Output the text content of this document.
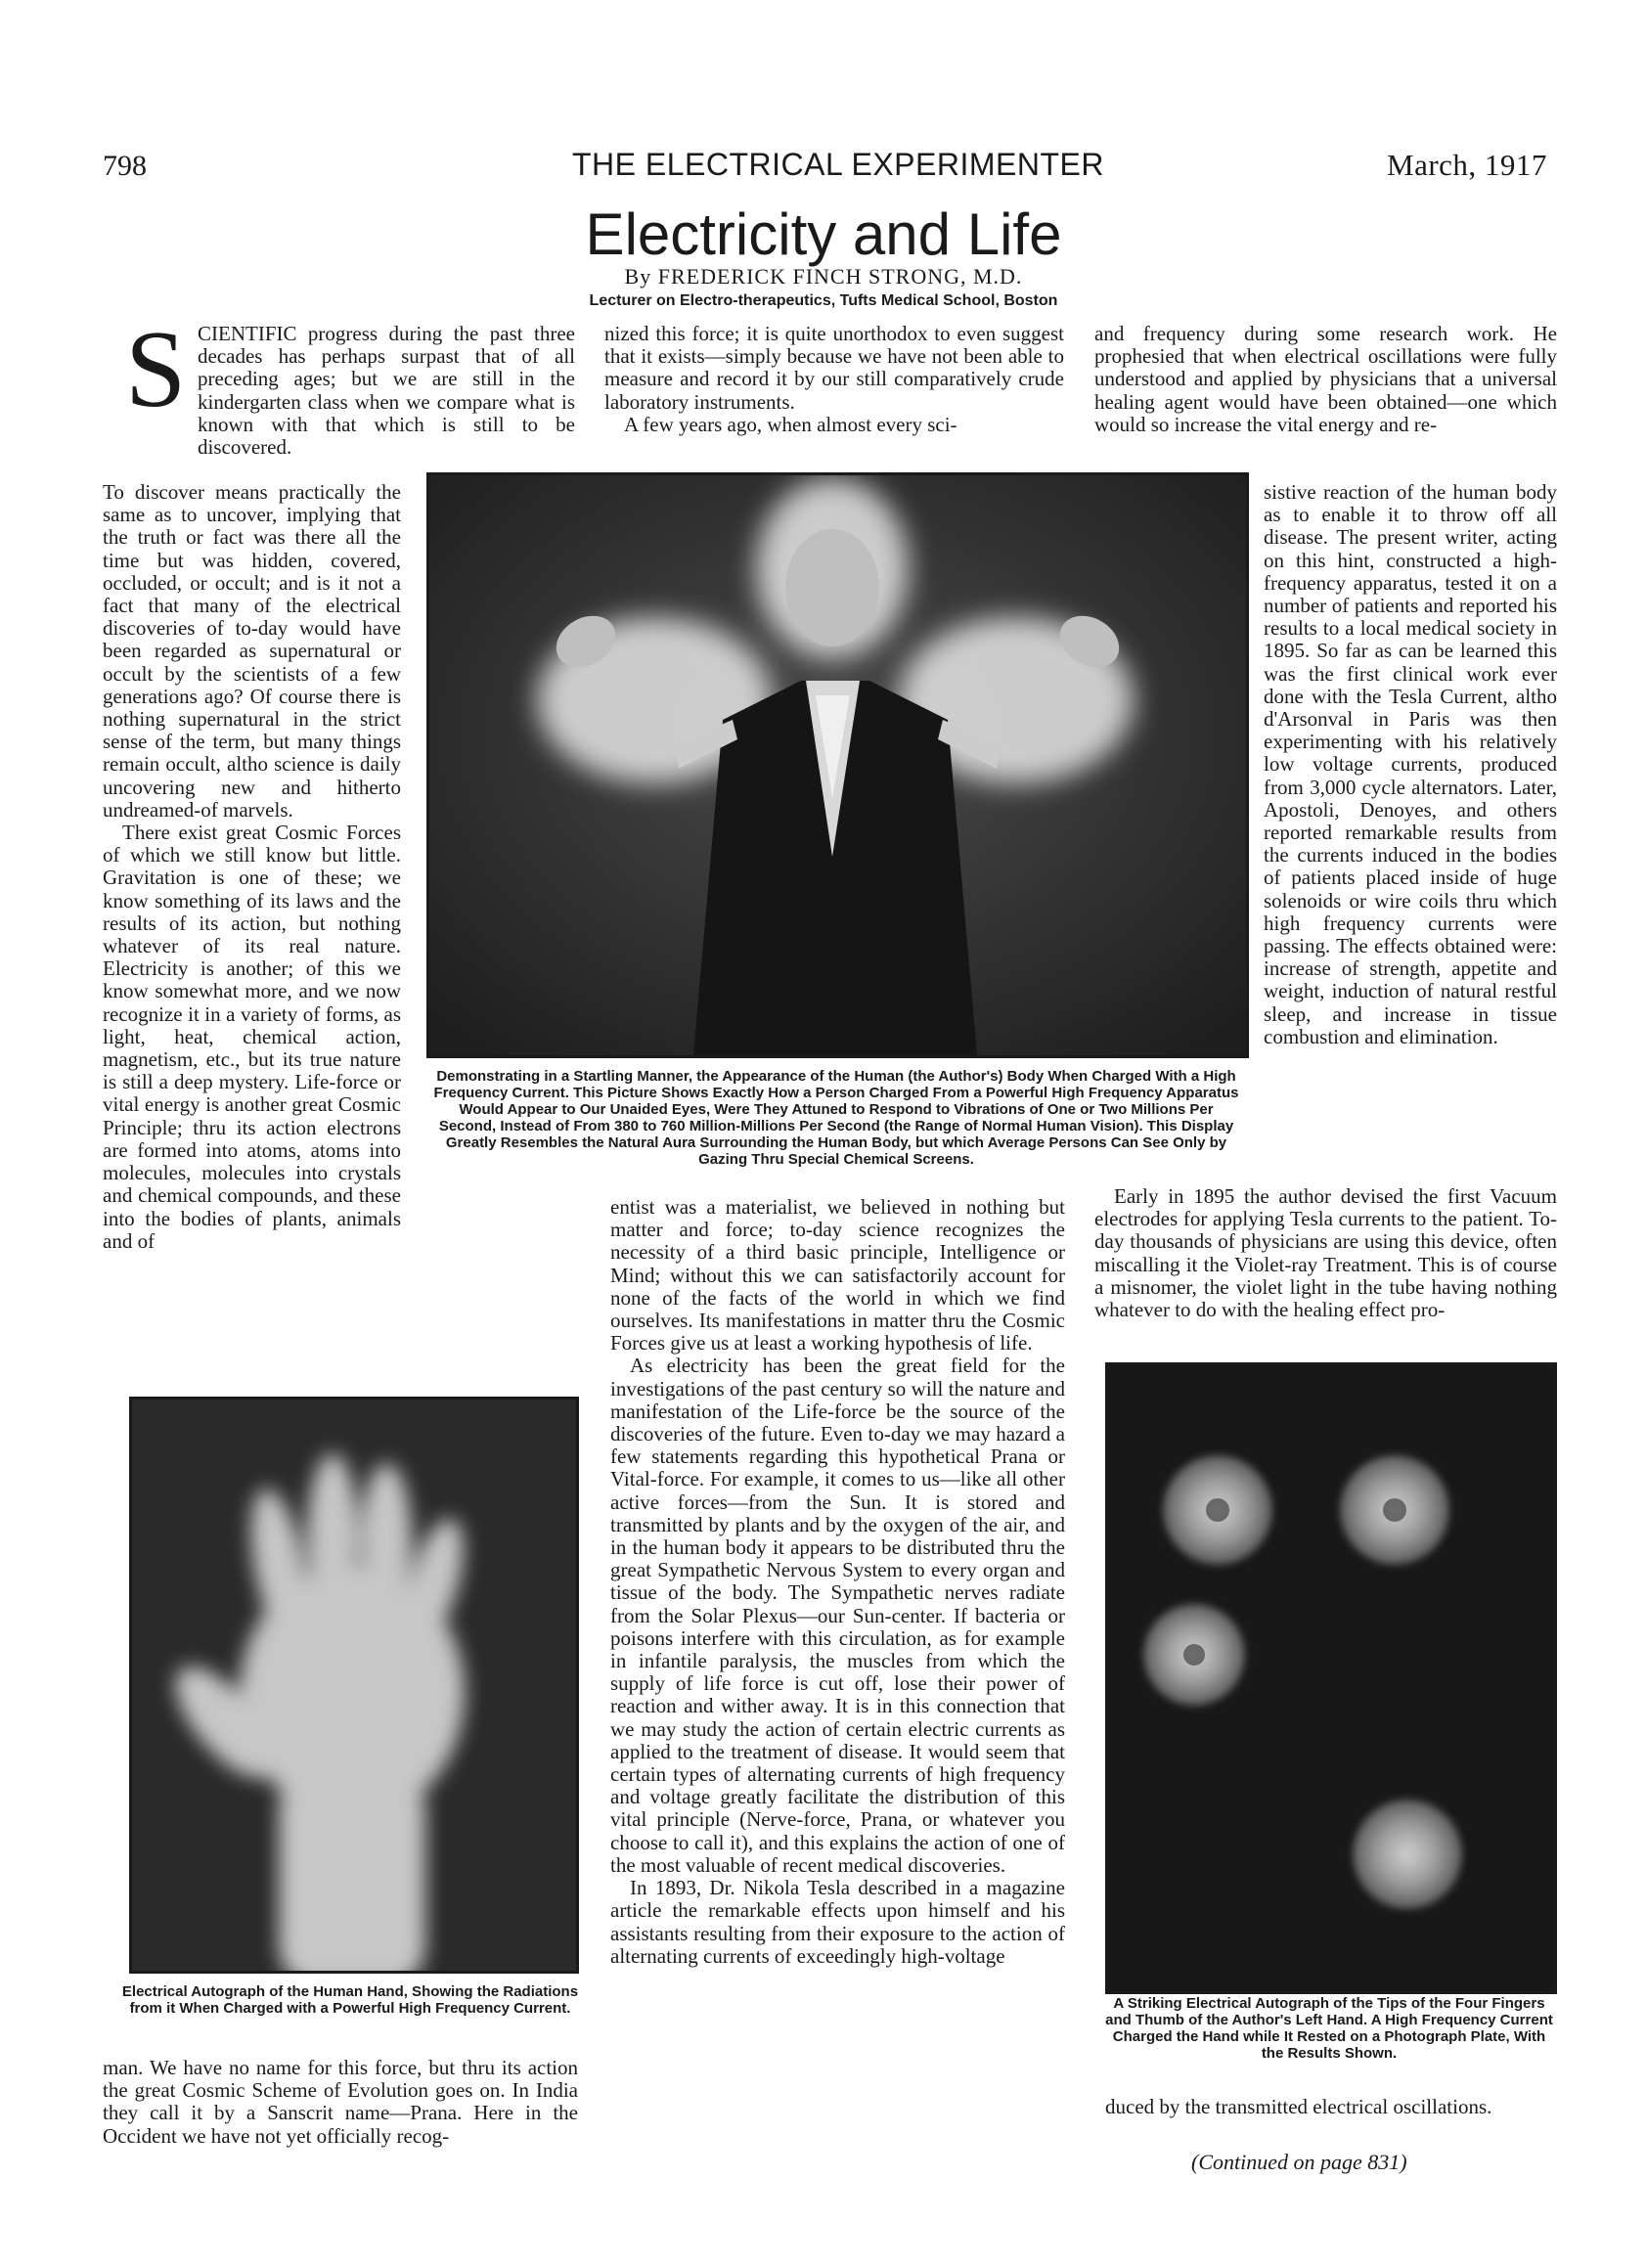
798	THE ELECTRICAL EXPERIMENTER	March, 1917
Electricity and Life
By FREDERICK FINCH STRONG, M.D.
Lecturer on Electro-therapeutics, Tufts Medical School, Boston
S CIENTIFIC progress during the past three decades has perhaps surpast that of all preceding ages; but we are still in the kindergarten class when we compare what is known with that which is still to be discovered.

To discover means practically the same as to uncover, implying that the truth or fact was there all the time but was hidden, covered, occluded, or occult; and is it not a fact that many of the electrical discoveries of to-day would have been regarded as supernatural or occult by the scientists of a few generations ago? Of course there is nothing supernatural in the strict sense of the term, but many things remain occult, altho science is daily uncovering new and hitherto undreamed-of marvels.

There exist great Cosmic Forces of which we still know but little. Gravitation is one of these; we know something of its laws and the results of its action, but nothing whatever of its real nature. Electricity is another; of this we know somewhat more, and we now recognize it in a variety of forms, as light, heat, chemical action, magnetism, etc., but its true nature is still a deep mystery. Life-force or vital energy is another great Cosmic Principle; thru its action electrons are formed into atoms, atoms into molecules, molecules into crystals and chemical compounds, and these into the bodies of plants, animals and of

Electrical Autograph of the Human Hand, Showing the Radiations from it When Charged with a Powerful High Frequency Current.

man. We have no name for this force, but thru its action the great Cosmic Scheme of Evolution goes on. In India they call it by a Sanscrit name—Prana. Here in the Occident we have not yet officially recog-

nized this force; it is quite unorthodox to even suggest that it exists—simply because we have not been able to measure and record it by our still comparatively crude laboratory instruments.

A few years ago, when almost every sci-

Demonstrating in a Startling Manner, the Appearance of the Human (the Author's) Body When Charged With a High Frequency Current. This Picture Shows Exactly How a Person Charged From a Powerful High Frequency Apparatus Would Appear to Our Unaided Eyes, Were They Attuned to Respond to Vibrations of One or Two Millions Per Second, Instead of From 380 to 760 Million-Millions Per Second (the Range of Normal Human Vision). This Display Greatly Resembles the Natural Aura Surrounding the Human Body, but which Average Persons Can See Only by Gazing Thru Special Chemical Screens.

entist was a materialist, we believed in nothing but matter and force; to-day science recognizes the necessity of a third basic principle, Intelligence or Mind; without this we can satisfactorily account for none of the facts of the world in which we find ourselves. Its manifestations in matter thru the Cosmic Forces give us at least a working hypothesis of life.

As electricity has been the great field for the investigations of the past century so will the nature and manifestation of the Life-force be the source of the discoveries of the future. Even to-day we may hazard a few statements regarding this hypothetical Prana or Vital-force. For example, it comes to us—like all other active forces—from the Sun. It is stored and transmitted by plants and by the oxygen of the air, and in the human body it appears to be distributed thru the great Sympathetic Nervous System to every organ and tissue of the body. The Sympathetic nerves radiate from the Solar Plexus—our Sun-center. If bacteria or poisons interfere with this circulation, as for example in infantile paralysis, the muscles from which the supply of life force is cut off, lose their power of reaction and wither away. It is in this connection that we may study the action of certain electric currents as applied to the treatment of disease. It would seem that certain types of alternating currents of high frequency and voltage greatly facilitate the distribution of this vital principle (Nerve-force, Prana, or whatever you choose to call it), and this explains the action of one of the most valuable of recent medical discoveries.

In 1893, Dr. Nikola Tesla described in a magazine article the remarkable effects upon himself and his assistants resulting from their exposure to the action of alternating currents of exceedingly high-voltage

and frequency during some research work. He prophesied that when electrical oscillations were fully understood and applied by physicians that a universal healing agent would have been obtained—one which would so increase the vital energy and re-

sistive reaction of the human body as to enable it to throw off all disease. The present writer, acting on this hint, constructed a high-frequency apparatus, tested it on a number of patients and reported his results to a local medical society in 1895. So far as can be learned this was the first clinical work ever done with the Tesla Current, altho d'Arsonval in Paris was then experimenting with his relatively low voltage currents, produced from 3,000 cycle alternators. Later, Apostoli, Denoyes, and others reported remarkable results from the currents induced in the bodies of patients placed inside of huge solenoids or wire coils thru which high frequency currents were passing. The effects obtained were: increase of strength, appetite and weight, induction of natural restful sleep, and increase in tissue combustion and elimination.

Early in 1895 the author devised the first Vacuum electrodes for applying Tesla currents to the patient. To-day thousands of physicians are using this device, often miscalling it the Violet-ray Treatment. This is of course a misnomer, the violet light in the tube having nothing whatever to do with the healing effect pro-

A Striking Electrical Autograph of the Tips of the Four Fingers and Thumb of the Author's Left Hand. A High Frequency Current Charged the Hand while It Rested on a Photograph Plate, With the Results Shown.

duced by the transmitted electrical oscillations.

(Continued on page 831)
